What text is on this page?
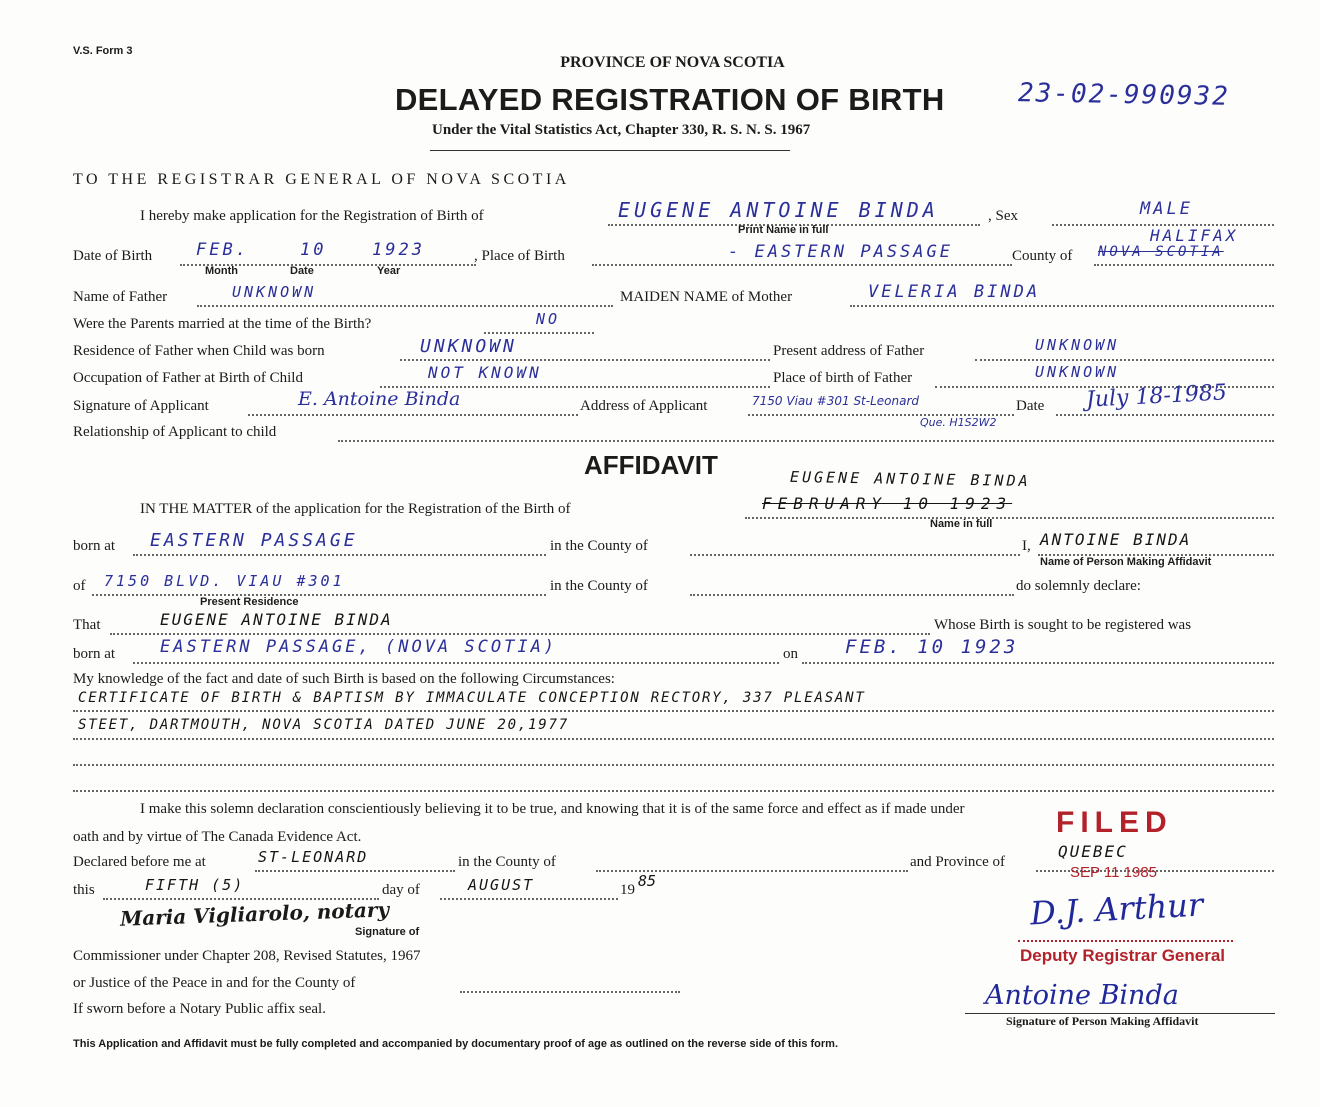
V.S. Form 3
PROVINCE OF NOVA SCOTIA
DELAYED REGISTRATION OF BIRTH
Under the Vital Statistics Act, Chapter 330, R. S. N. S. 1967
23-02-990932
TO THE REGISTRAR GENERAL OF NOVA SCOTIA
I hereby make application for the Registration of Birth of	EUGENE ANTOINE BINDA
Print Name in full
, Sex	MALE
Date of Birth	FEB.	10	1923
Month	Date	Year
, Place of Birth	- EASTERN PASSAGE	County of
HALIFAX
NOVA SCOTIA
Name of Father	UNKNOWN	MAIDEN NAME of Mother	VELERIA BINDA
Were the Parents married at the time of the Birth?	NO
Residence of Father when Child was born	UNKNOWN	Present address of Father	UNKNOWN
Occupation of Father at Birth of Child	NOT KNOWN	Place of birth of Father	UNKNOWN
Signature of Applicant	E. Antoine Binda	Address of Applicant	7150 Viau #301 St-Leonard
Que. H1S2W2
Date July 18-1985
Relationship of Applicant to child
AFFIDAVIT	EUGENE ANTOINE BINDA
IN THE MATTER of the application for the Registration of the Birth of	FEBRUARY 10 1923
Name in full
born at EASTERN PASSAGE	in the County of	I, ANTOINE BINDA
Name of Person Making Affidavit
of 7150 BLVD. VIAU #301
Present Residence
in the County of	do solemnly declare:
That	EUGENE ANTOINE BINDA	Whose Birth is sought to be registered was
born at	EASTERN PASSAGE, (NOVA SCOTIA)	on FEB. 10 1923
My knowledge of the fact and date of such Birth is based on the following Circumstances:
CERTIFICATE OF BIRTH & BAPTISM BY IMMACULATE CONCEPTION RECTORY, 337 PLEASANT
STEET, DARTMOUTH, NOVA SCOTIA DATED JUNE 20,1977
I make this solemn declaration conscientiously believing it to be true, and knowing that it is of the same force and effect as if made under
oath and by virtue of The Canada Evidence Act.
Declared before me at	ST-LEONARD	in the County of	and Province of
QUEBEC
this	FIFTH (5)	day of	AUGUST	19 85
Maria Vigliarolo, notary
Signature of
Commissioner under Chapter 208, Revised Statutes, 1967
or Justice of the Peace in and for the County of
If sworn before a Notary Public affix seal.
FILED
SEP 11 1985
D.J. Arthur
Deputy Registrar General
Antoine Binda
Signature of Person Making Affidavit
This Application and Affidavit must be fully completed and accompanied by documentary proof of age as outlined on the reverse side of this form.
